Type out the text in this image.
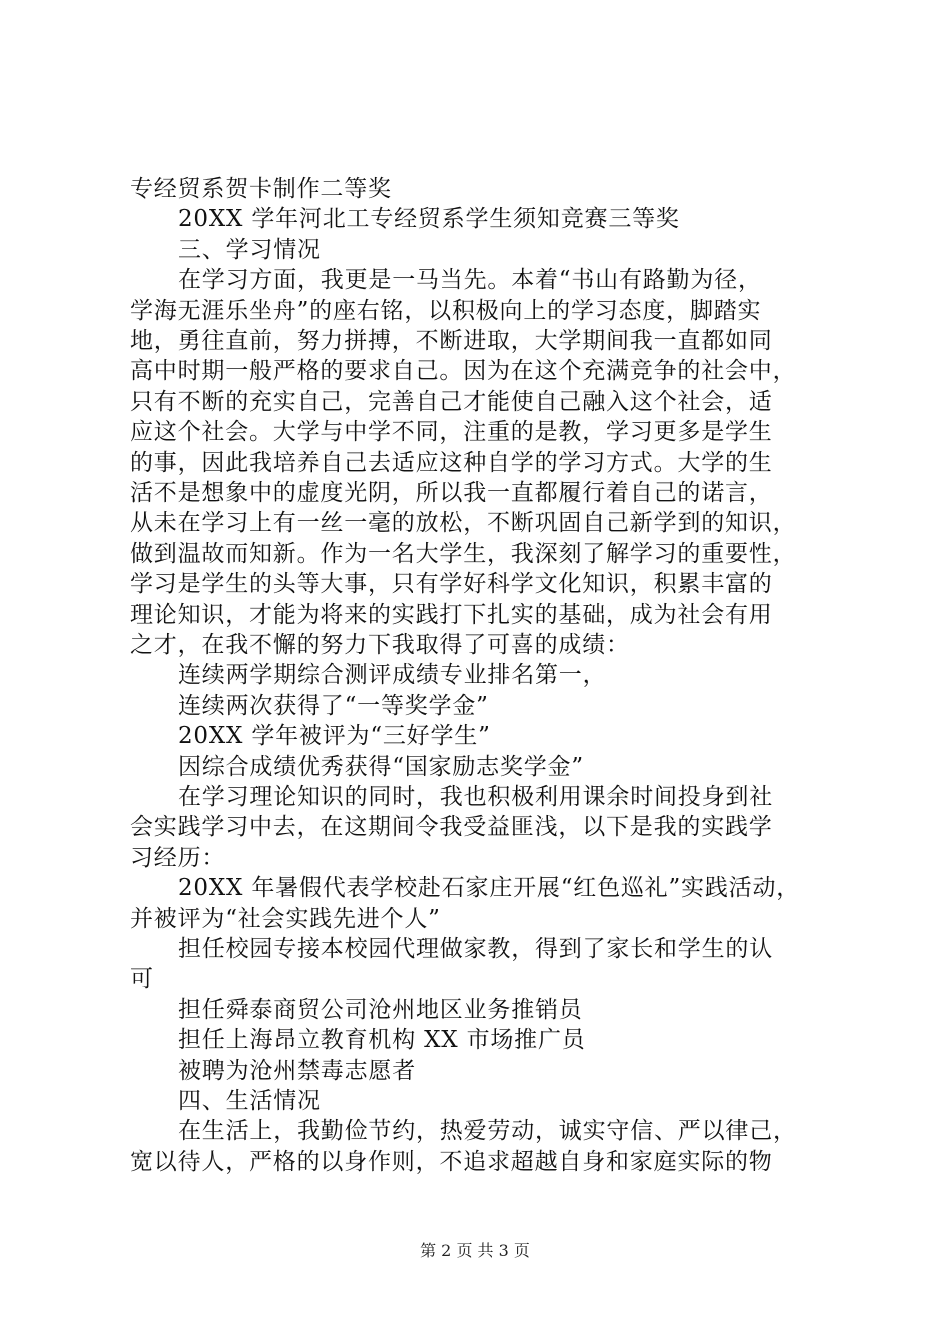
专经贸系贺卡制作二等奖
20XX 学年河北工专经贸系学生须知竞赛三等奖
三、学习情况
在学习方面，我更是一马当先。本着“书山有路勤为径，
学海无涯乐坐舟”的座右铭，以积极向上的学习态度，脚踏实
地，勇往直前，努力拼搏，不断进取，大学期间我一直都如同
高中时期一般严格的要求自己。因为在这个充满竞争的社会中，
只有不断的充实自己，完善自己才能使自己融入这个社会，适
应这个社会。大学与中学不同，注重的是教，学习更多是学生
的事，因此我培养自己去适应这种自学的学习方式。大学的生
活不是想象中的虚度光阴，所以我一直都履行着自己的诺言，
从未在学习上有一丝一毫的放松，不断巩固自己新学到的知识，
做到温故而知新。作为一名大学生，我深刻了解学习的重要性，
学习是学生的头等大事，只有学好科学文化知识，积累丰富的
理论知识，才能为将来的实践打下扎实的基础，成为社会有用
之才，在我不懈的努力下我取得了可喜的成绩：
连续两学期综合测评成绩专业排名第一，
连续两次获得了“一等奖学金”
20XX 学年被评为“三好学生”
因综合成绩优秀获得“国家励志奖学金”
在学习理论知识的同时，我也积极利用课余时间投身到社
会实践学习中去，在这期间令我受益匪浅，以下是我的实践学
习经历：
20XX 年暑假代表学校赴石家庄开展“红色巡礼”实践活动，
并被评为“社会实践先进个人”
担任校园专接本校园代理做家教，得到了家长和学生的认
可
担任舜泰商贸公司沧州地区业务推销员
担任上海昂立教育机构 XX 市场推广员
被聘为沧州禁毒志愿者
四、生活情况
在生活上，我勤俭节约，热爱劳动，诚实守信、严以律己，
宽以待人，严格的以身作则，不追求超越自身和家庭实际的物
第 2 页 共 3 页
